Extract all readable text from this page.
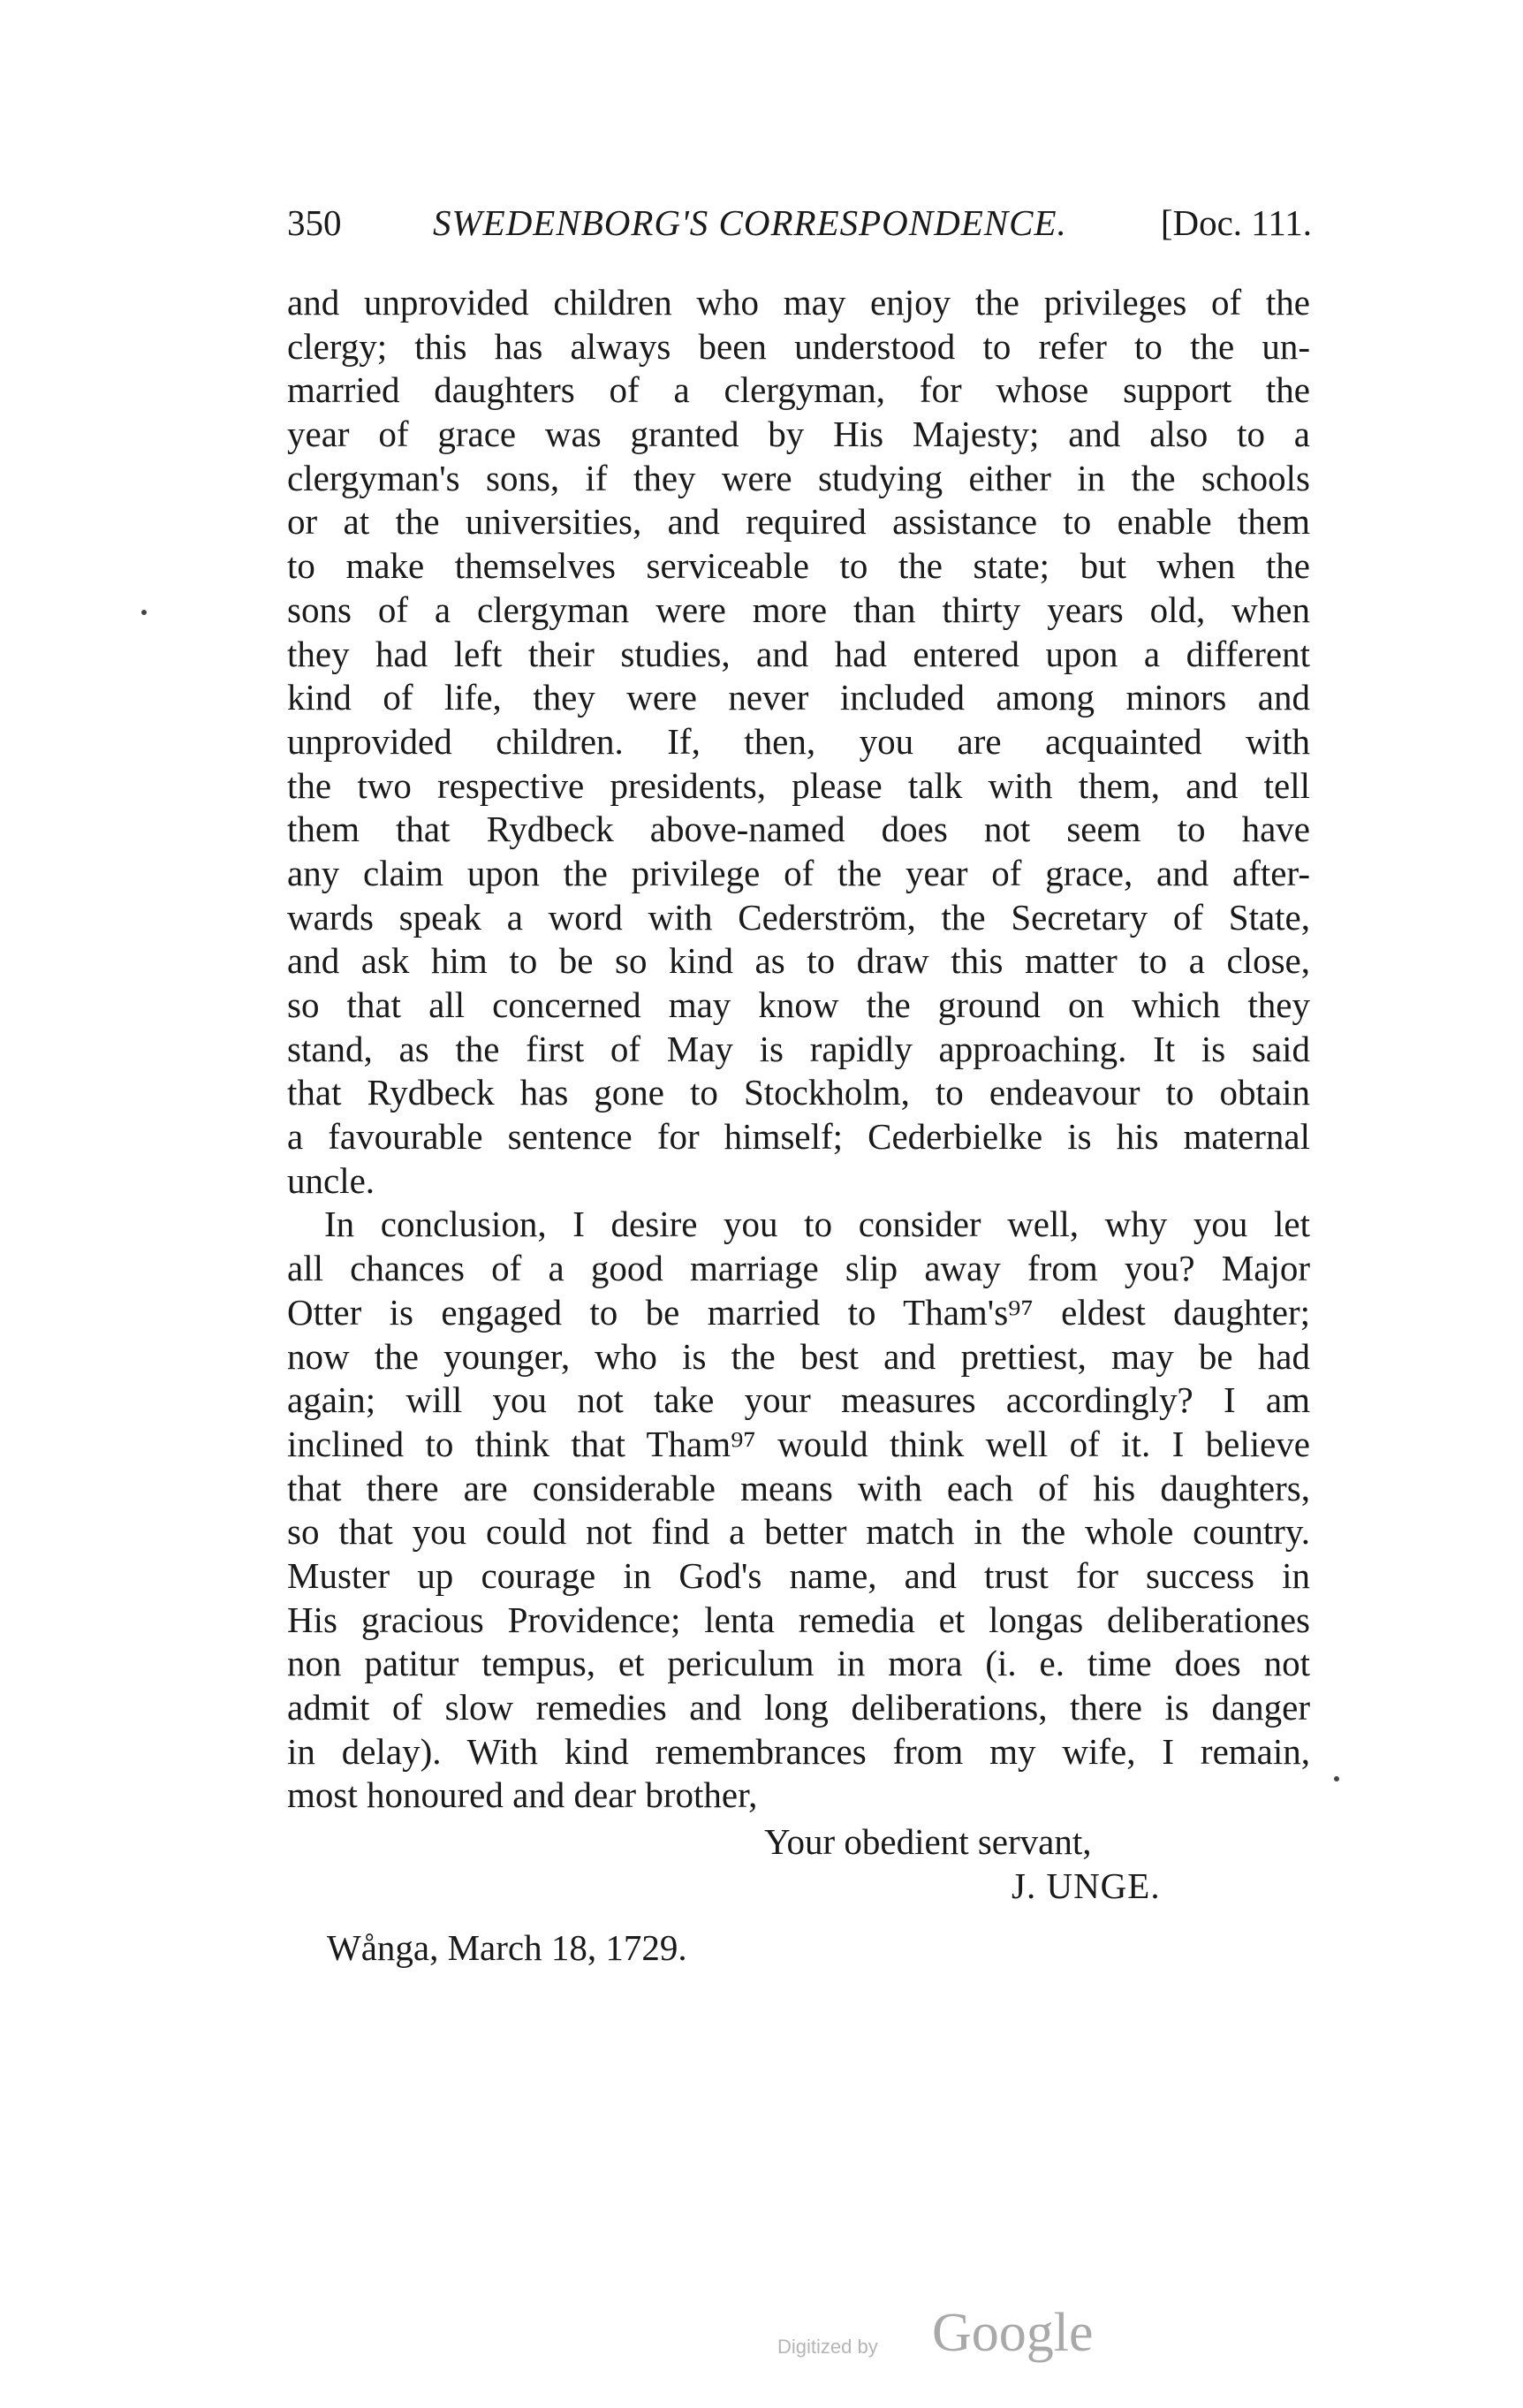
350	SWEDENBORG'S CORRESPONDENCE.	[Doc. 111.
and unprovided children who may enjoy the privileges of the
clergy; this has always been understood to refer to the un-
married daughters of a clergyman, for whose support the
year of grace was granted by His Majesty; and also to a
clergyman's sons, if they were studying either in the schools
or at the universities, and required assistance to enable them
to make themselves serviceable to the state; but when the
sons of a clergyman were more than thirty years old, when
they had left their studies, and had entered upon a different
kind of life, they were never included among minors and
unprovided children. If, then, you are acquainted with
the two respective presidents, please talk with them, and tell
them that Rydbeck above-named does not seem to have
any claim upon the privilege of the year of grace, and after-
wards speak a word with Cederström, the Secretary of State,
and ask him to be so kind as to draw this matter to a close,
so that all concerned may know the ground on which they
stand, as the first of May is rapidly approaching. It is said
that Rydbeck has gone to Stockholm, to endeavour to obtain
a favourable sentence for himself; Cederbielke is his maternal
uncle.
In conclusion, I desire you to consider well, why you let
all chances of a good marriage slip away from you? Major
Otter is engaged to be married to Tham's⁹⁷ eldest daughter;
now the younger, who is the best and prettiest, may be had
again; will you not take your measures accordingly? I am
inclined to think that Tham⁹⁷ would think well of it. I believe
that there are considerable means with each of his daughters,
so that you could not find a better match in the whole country.
Muster up courage in God's name, and trust for success in
His gracious Providence; lenta remedia et longas deliberationes
non patitur tempus, et periculum in mora (i. e. time does not
admit of slow remedies and long deliberations, there is danger
in delay). With kind remembrances from my wife, I remain,
most honoured and dear brother,
Your obedient servant,
J. UNGE.
Wånga, March 18, 1729.
Digitized by Google
